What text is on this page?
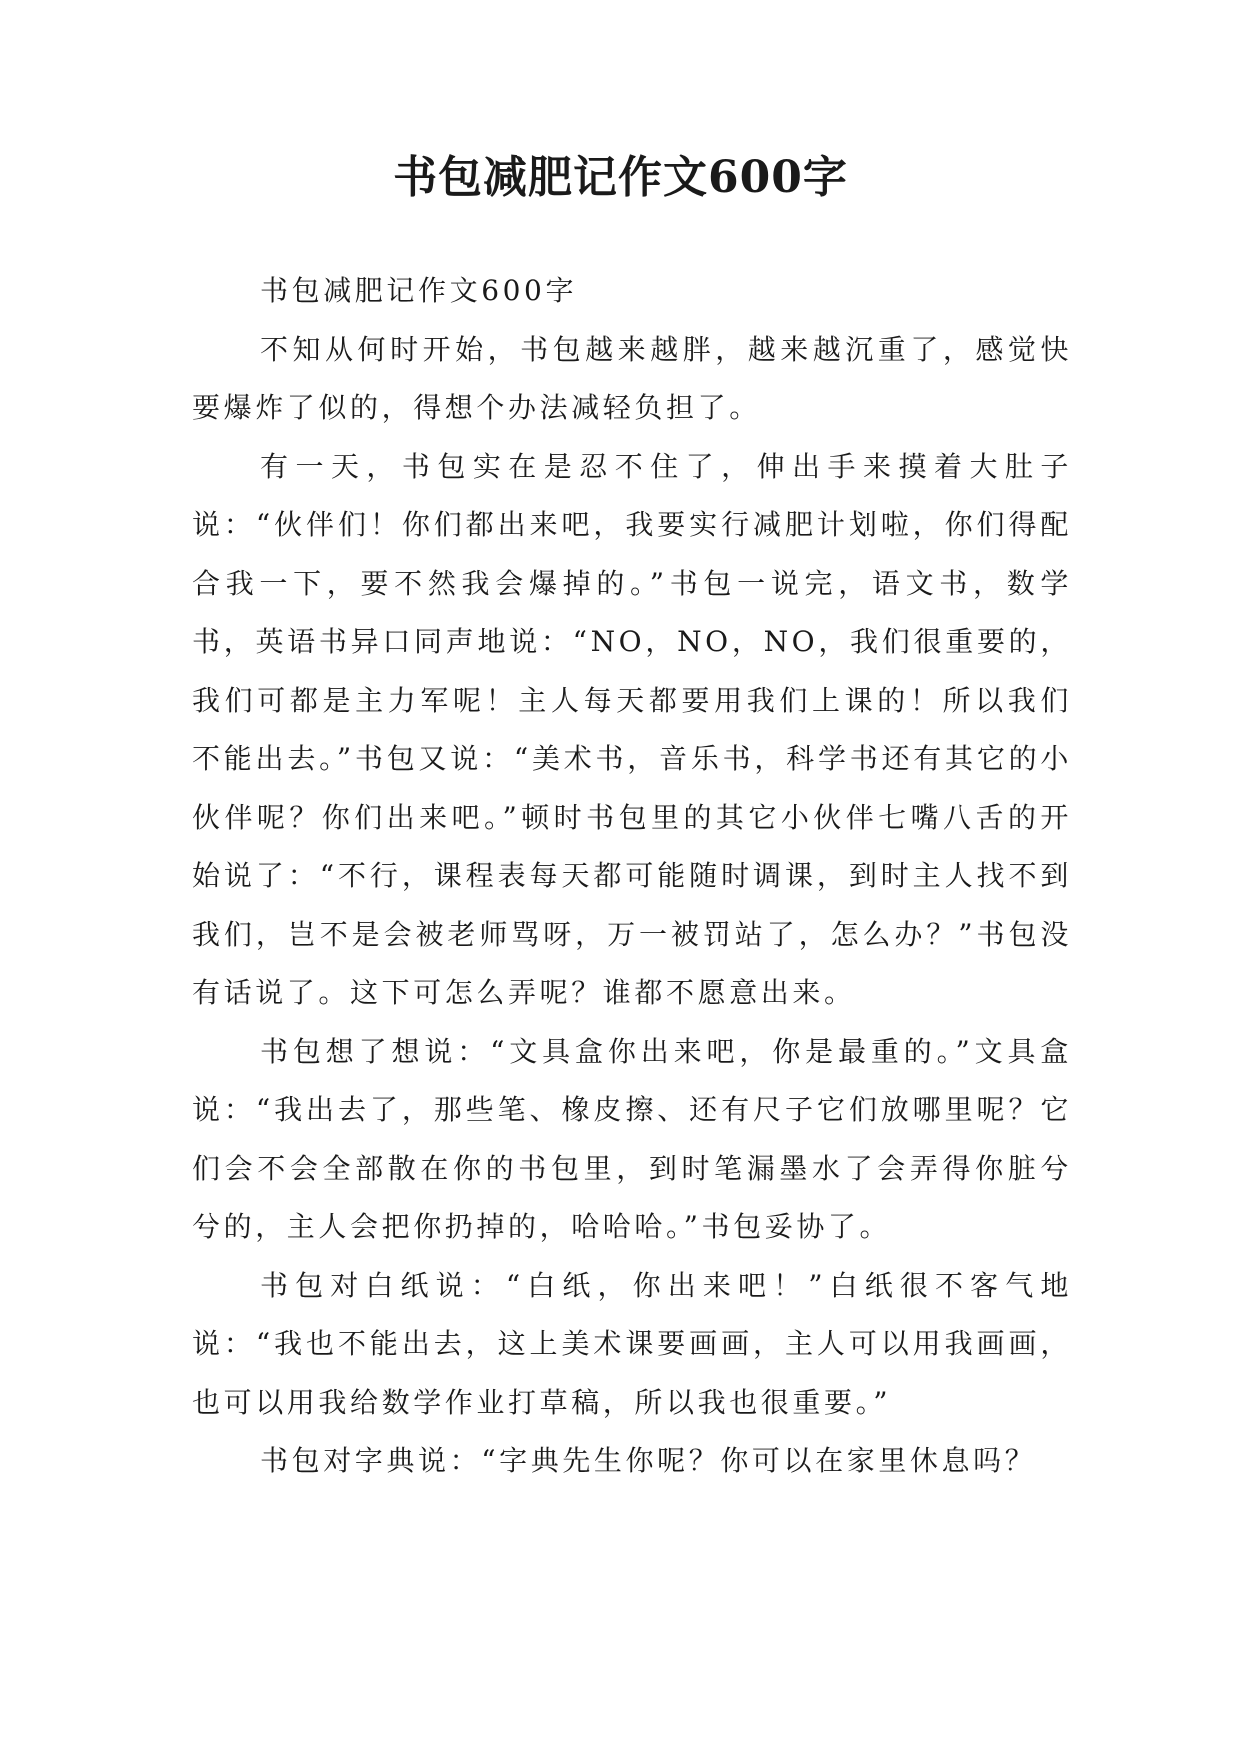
书包减肥记作文600字

书包减肥记作文600字

不知从何时开始，书包越来越胖，越来越沉重了，感觉快要爆炸了似的，得想个办法减轻负担了。

有一天，书包实在是忍不住了，伸出手来摸着大肚子说：“伙伴们！你们都出来吧，我要实行减肥计划啦，你们得配合我一下，要不然我会爆掉的。”书包一说完，语文书，数学书，英语书异口同声地说：“NO，NO，NO，我们很重要的，我们可都是主力军呢！主人每天都要用我们上课的！所以我们不能出去。”书包又说：“美术书，音乐书，科学书还有其它的小伙伴呢？你们出来吧。”顿时书包里的其它小伙伴七嘴八舌的开始说了：“不行，课程表每天都可能随时调课，到时主人找不到我们，岂不是会被老师骂呀，万一被罚站了，怎么办？”书包没有话说了。这下可怎么弄呢？谁都不愿意出来。

书包想了想说：“文具盒你出来吧，你是最重的。”文具盒说：“我出去了，那些笔、橡皮擦、还有尺子它们放哪里呢？它们会不会全部散在你的书包里，到时笔漏墨水了会弄得你脏兮兮的，主人会把你扔掉的，哈哈哈。”书包妥协了。

书包对白纸说：“白纸，你出来吧！”白纸很不客气地说：“我也不能出去，这上美术课要画画，主人可以用我画画，也可以用我给数学作业打草稿，所以我也很重要。”

书包对字典说：“字典先生你呢？你可以在家里休息吗？
